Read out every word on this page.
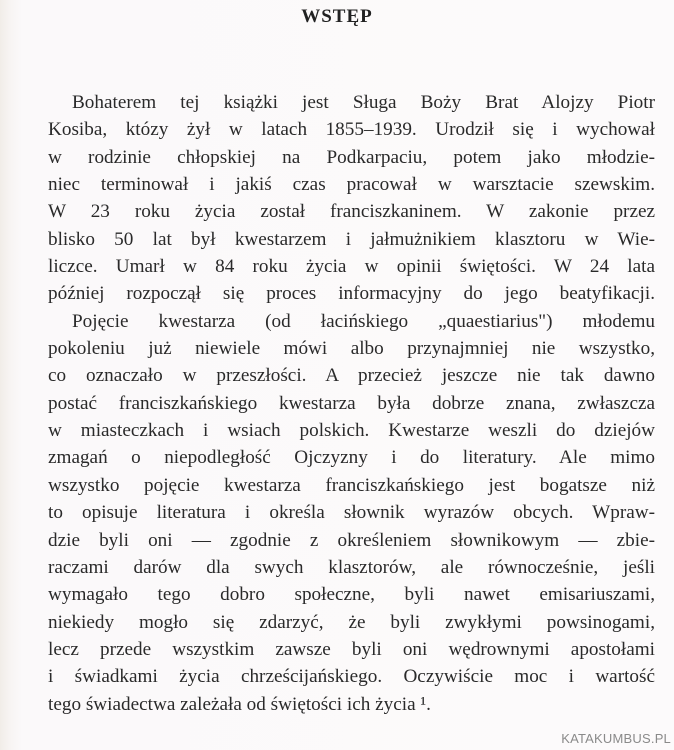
WSTĘP
Bohaterem tej książki jest Sługa Boży Brat Alojzy Piotr
Kosiba, któzy żył w latach 1855–1939. Urodził się i wychował
w rodzinie chłopskiej na Podkarpaciu, potem jako młodzie-
niec terminował i jakiś czas pracował w warsztacie szewskim.
W 23 roku życia został franciszkaninem. W zakonie przez
blisko 50 lat był kwestarzem i jałmużnikiem klasztoru w Wie-
liczce. Umarł w 84 roku życia w opinii świętości. W 24 lata
później rozpoczął się proces informacyjny do jego beatyfikacji.
Pojęcie kwestarza (od łacińskiego „quaestiarius") młodemu
pokoleniu już niewiele mówi albo przynajmniej nie wszystko,
co oznaczało w przeszłości. A przecież jeszcze nie tak dawno
postać franciszkańskiego kwestarza była dobrze znana, zwłaszcza
w miasteczkach i wsiach polskich. Kwestarze weszli do dziejów
zmagań o niepodległość Ojczyzny i do literatury. Ale mimo
wszystko pojęcie kwestarza franciszkańskiego jest bogatsze niż
to opisuje literatura i określa słownik wyrazów obcych. Wpraw-
dzie byli oni — zgodnie z określeniem słownikowym — zbie-
raczami darów dla swych klasztorów, ale równocześnie, jeśli
wymagało tego dobro społeczne, byli nawet emisariuszami,
niekiedy mogło się zdarzyć, że byli zwykłymi powsinogami,
lecz przede wszystkim zawsze byli oni wędrownymi apostołami
i świadkami życia chrześcijańskiego. Oczywiście moc i wartość
tego świadectwa zależała od świętości ich życia ¹.
KATAKUMBUS.PL
